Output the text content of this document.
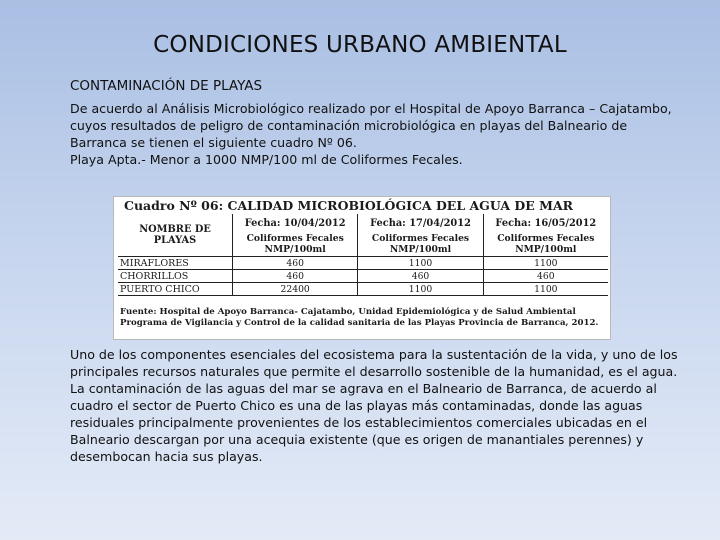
CONDICIONES URBANO AMBIENTAL
CONTAMINACIÓN DE PLAYAS
De acuerdo al Análisis Microbiológico realizado por el Hospital de Apoyo Barranca – Cajatambo, cuyos resultados de peligro de contaminación microbiológica en playas del Balneario de Barranca se tienen el siguiente cuadro Nº 06.
Playa Apta.- Menor a 1000 NMP/100 ml de Coliformes Fecales.
Cuadro Nº 06: CALIDAD MICROBIOLÓGICA DEL AGUA DE MAR
NOMBRE DE PLAYAS	Fecha: 10/04/2012	Fecha: 17/04/2012	Fecha: 16/05/2012
	Coliformes Fecales NMP/100ml	Coliformes Fecales NMP/100ml	Coliformes Fecales NMP/100ml
MIRAFLORES	460	1100	1100
CHORRILLOS	460	460	460
PUERTO CHICO	22400	1100	1100
Fuente: Hospital de Apoyo Barranca- Cajatambo, Unidad Epidemiológica y de Salud Ambiental
Programa de Vigilancia y Control de la calidad sanitaria de las Playas Provincia de Barranca, 2012.
Uno de los componentes esenciales del ecosistema para la sustentación de la vida, y uno de los principales recursos naturales que permite el desarrollo sostenible de la humanidad, es el agua.
La contaminación de las aguas del mar se agrava en el Balneario de Barranca, de acuerdo al cuadro el sector de Puerto Chico es una de las playas más contaminadas, donde las aguas residuales principalmente provenientes de los establecimientos comerciales ubicadas en el Balneario descargan por una acequia existente (que es origen de manantiales perennes) y desembocan hacia sus playas.
